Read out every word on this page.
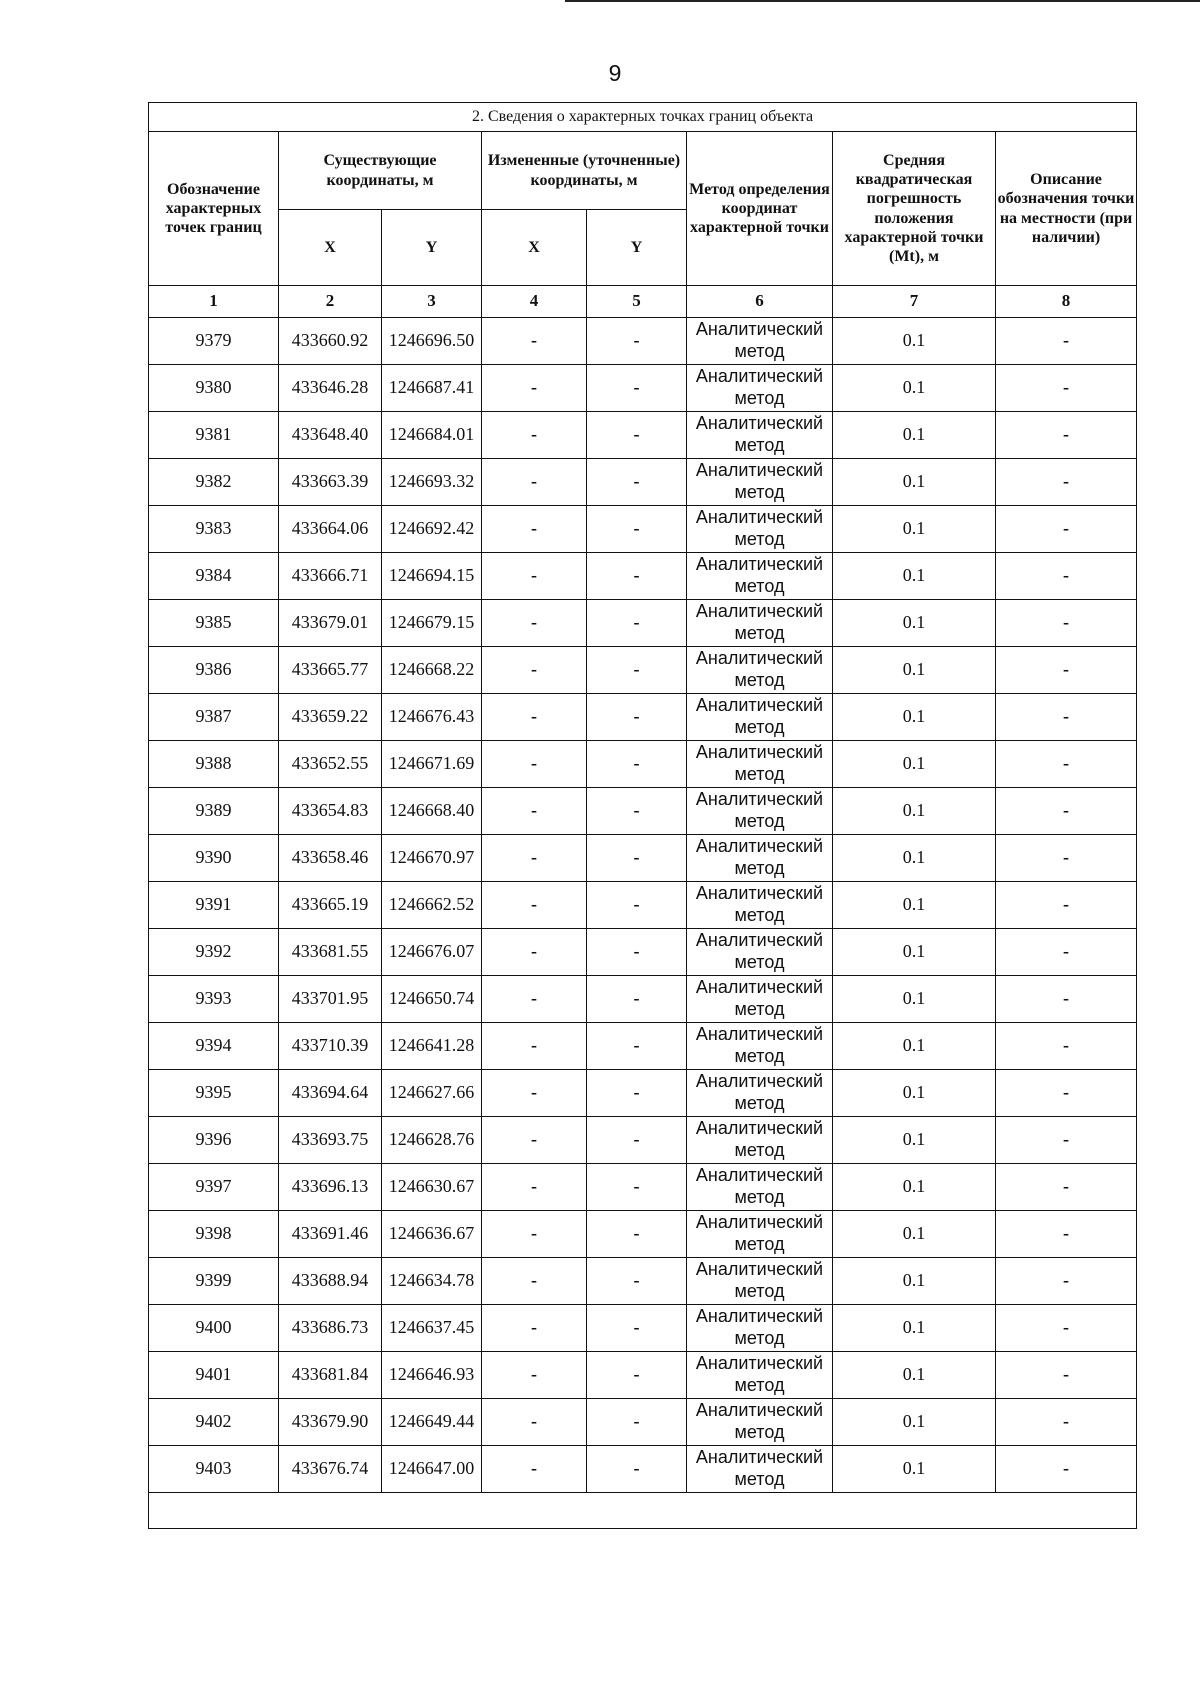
9
2. Сведения о характерных точках границ объекта							
Обозначение характерных точек границ	Существующие координаты, м		Измененные (уточненные) координаты, м		Метод определения координат характерной точки	Средняя квадратическая погрешность положения характерной точки (Mt), м	Описание обозначения точки на местности (при наличии)
	X	Y	X	Y			
1	2	3	4	5	6	7	8
9379	433660.92	1246696.50	-	-	Аналитический метод	0.1	-
9380	433646.28	1246687.41	-	-	Аналитический метод	0.1	-
9381	433648.40	1246684.01	-	-	Аналитический метод	0.1	-
9382	433663.39	1246693.32	-	-	Аналитический метод	0.1	-
9383	433664.06	1246692.42	-	-	Аналитический метод	0.1	-
9384	433666.71	1246694.15	-	-	Аналитический метод	0.1	-
9385	433679.01	1246679.15	-	-	Аналитический метод	0.1	-
9386	433665.77	1246668.22	-	-	Аналитический метод	0.1	-
9387	433659.22	1246676.43	-	-	Аналитический метод	0.1	-
9388	433652.55	1246671.69	-	-	Аналитический метод	0.1	-
9389	433654.83	1246668.40	-	-	Аналитический метод	0.1	-
9390	433658.46	1246670.97	-	-	Аналитический метод	0.1	-
9391	433665.19	1246662.52	-	-	Аналитический метод	0.1	-
9392	433681.55	1246676.07	-	-	Аналитический метод	0.1	-
9393	433701.95	1246650.74	-	-	Аналитический метод	0.1	-
9394	433710.39	1246641.28	-	-	Аналитический метод	0.1	-
9395	433694.64	1246627.66	-	-	Аналитический метод	0.1	-
9396	433693.75	1246628.76	-	-	Аналитический метод	0.1	-
9397	433696.13	1246630.67	-	-	Аналитический метод	0.1	-
9398	433691.46	1246636.67	-	-	Аналитический метод	0.1	-
9399	433688.94	1246634.78	-	-	Аналитический метод	0.1	-
9400	433686.73	1246637.45	-	-	Аналитический метод	0.1	-
9401	433681.84	1246646.93	-	-	Аналитический метод	0.1	-
9402	433679.90	1246649.44	-	-	Аналитический метод	0.1	-
9403	433676.74	1246647.00	-	-	Аналитический метод	0.1	-
